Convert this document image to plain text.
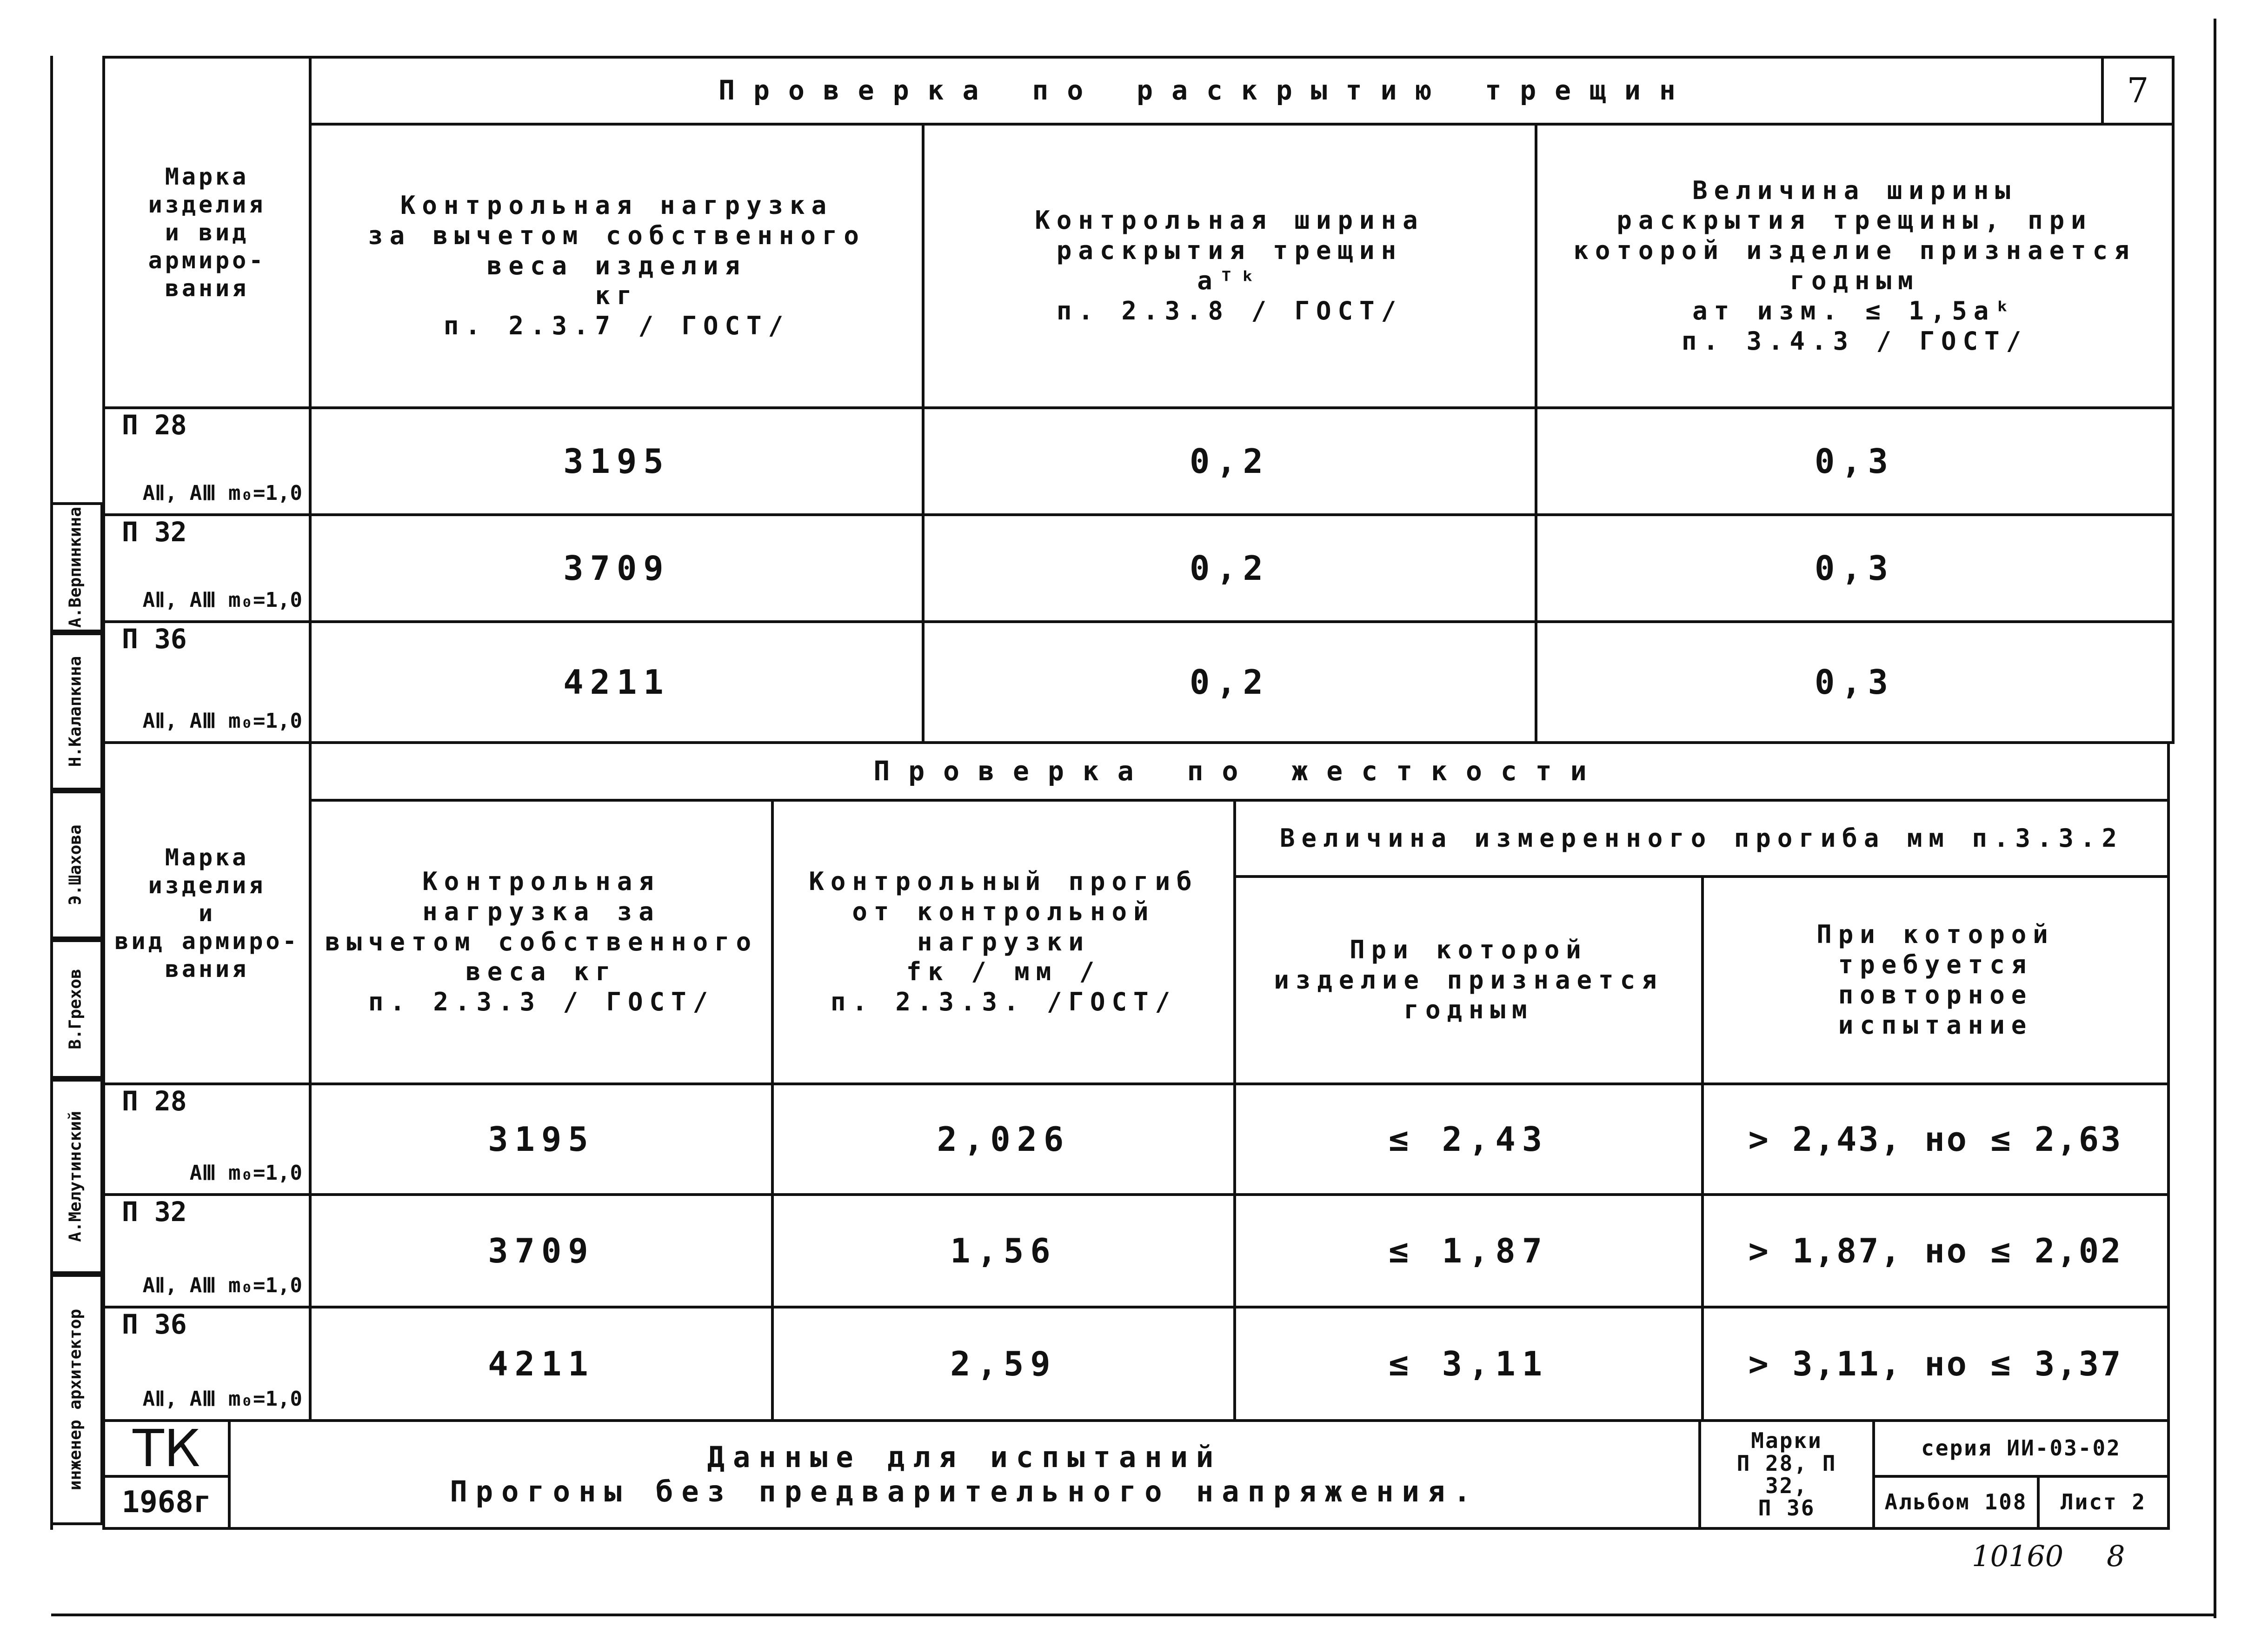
А.Верпинкина
Н.Калапкина
Э.Шахова
В.Грехов
А.Мелутинский
инженер архитектор
Марка
изделия
и вид
армиро-
вания
Проверка по раскрытию трещин	7
Контрольная нагрузка
за вычетом собственного
веса изделия
кг
п. 2.3.7 / ГОСТ/
Контрольная ширина
раскрытия трещин
aᵀᵏ
п. 2.3.8 / ГОСТ/
Величина ширины
раскрытия трещины, при
которой изделие признается
годным
aт изм. ≤ 1,5aᵏ
п. 3.4.3 / ГОСТ/
П 28
АⅡ, АⅢ m₀=1,0
3195	0,2	0,3
П 32
АⅡ, АⅢ m₀=1,0
3709	0,2	0,3
П 36
АⅡ, АⅢ m₀=1,0
4211	0,2	0,3
Марка
изделия
и
вид армиро-
вания
Проверка по жесткости
Контрольная
нагрузка за
вычетом собственного
веса кг
п. 2.3.3 / ГОСТ/
Контрольный прогиб
от контрольной
нагрузки
fк / мм /
п. 2.3.3. /ГОСТ/
Величина измеренного прогиба мм п.3.3.2
При которой
изделие признается
годным
При которой требуется
повторное
испытание
П 28
АⅢ m₀=1,0
3195	2,026	≤ 2,43	> 2,43, но ≤ 2,63
П 32
АⅡ, АⅢ m₀=1,0
3709	1,56	≤ 1,87	> 1,87, но ≤ 2,02
П 36
АⅡ, АⅢ m₀=1,0
4211	2,59	≤ 3,11	> 3,11, но ≤ 3,37
ТК
1968г
Данные для испытаний
Прогоны без предварительного напряжения.
Марки
П 28, П 32,
П 36
серия ИИ-03-02
Альбом 108	Лист 2
10160 8
